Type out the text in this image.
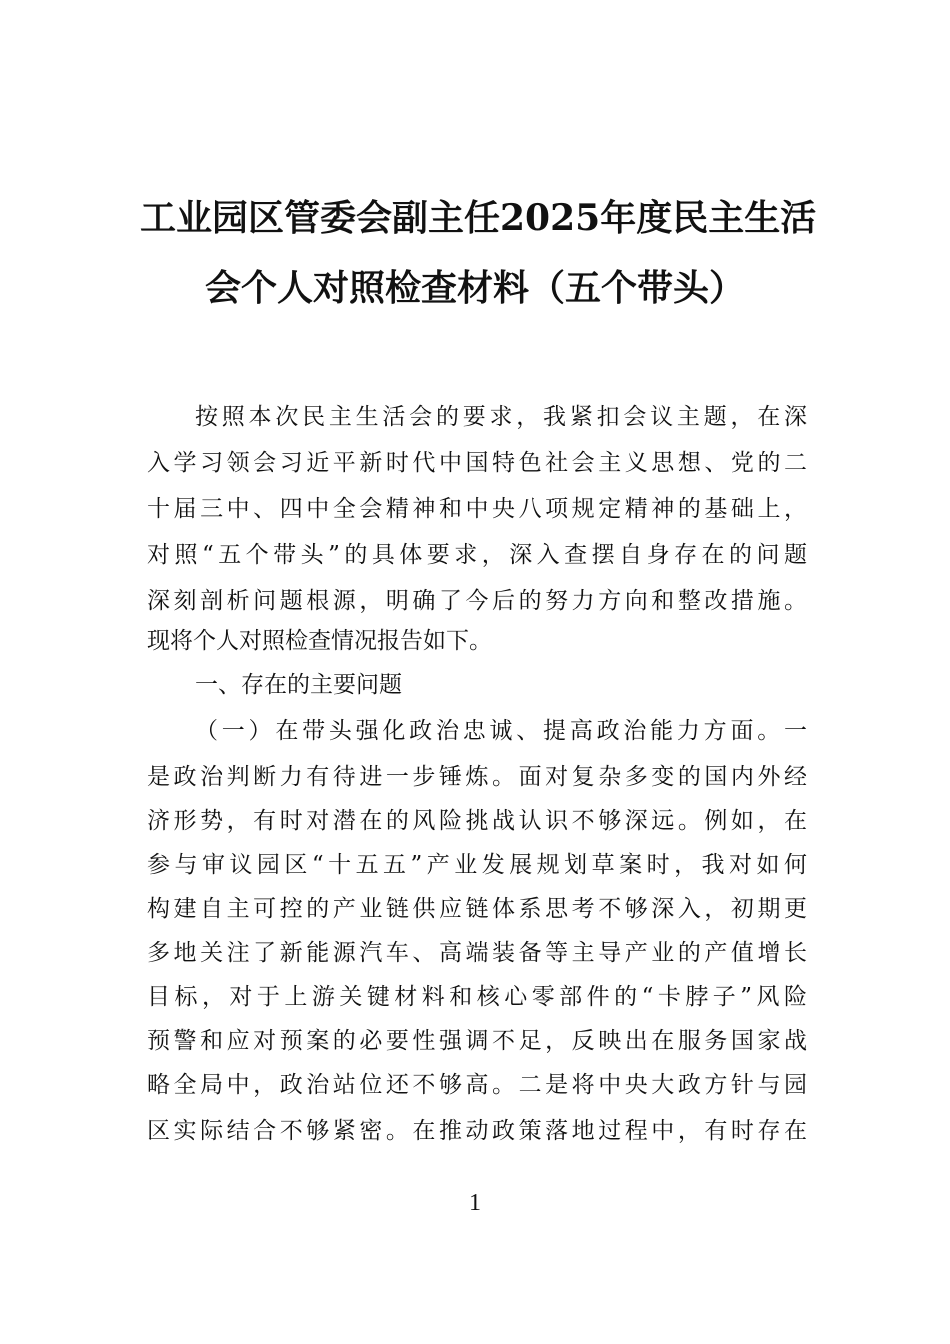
工业园区管委会副主任2025年度民主生活
会个人对照检查材料（五个带头）
按照本次民主生活会的要求，我紧扣会议主题，在深
入学习领会习近平新时代中国特色社会主义思想、党的二
十届三中、四中全会精神和中央八项规定精神的基础上，
对照“五个带头”的具体要求，深入查摆自身存在的问题
深刻剖析问题根源，明确了今后的努力方向和整改措施。
现将个人对照检查情况报告如下。
一、存在的主要问题
（一）在带头强化政治忠诚、提高政治能力方面。一
是政治判断力有待进一步锤炼。面对复杂多变的国内外经
济形势，有时对潜在的风险挑战认识不够深远。例如，在
参与审议园区“十五五”产业发展规划草案时，我对如何
构建自主可控的产业链供应链体系思考不够深入，初期更
多地关注了新能源汽车、高端装备等主导产业的产值增长
目标，对于上游关键材料和核心零部件的“卡脖子”风险
预警和应对预案的必要性强调不足，反映出在服务国家战
略全局中，政治站位还不够高。二是将中央大政方针与园
区实际结合不够紧密。在推动政策落地过程中，有时存在
1
